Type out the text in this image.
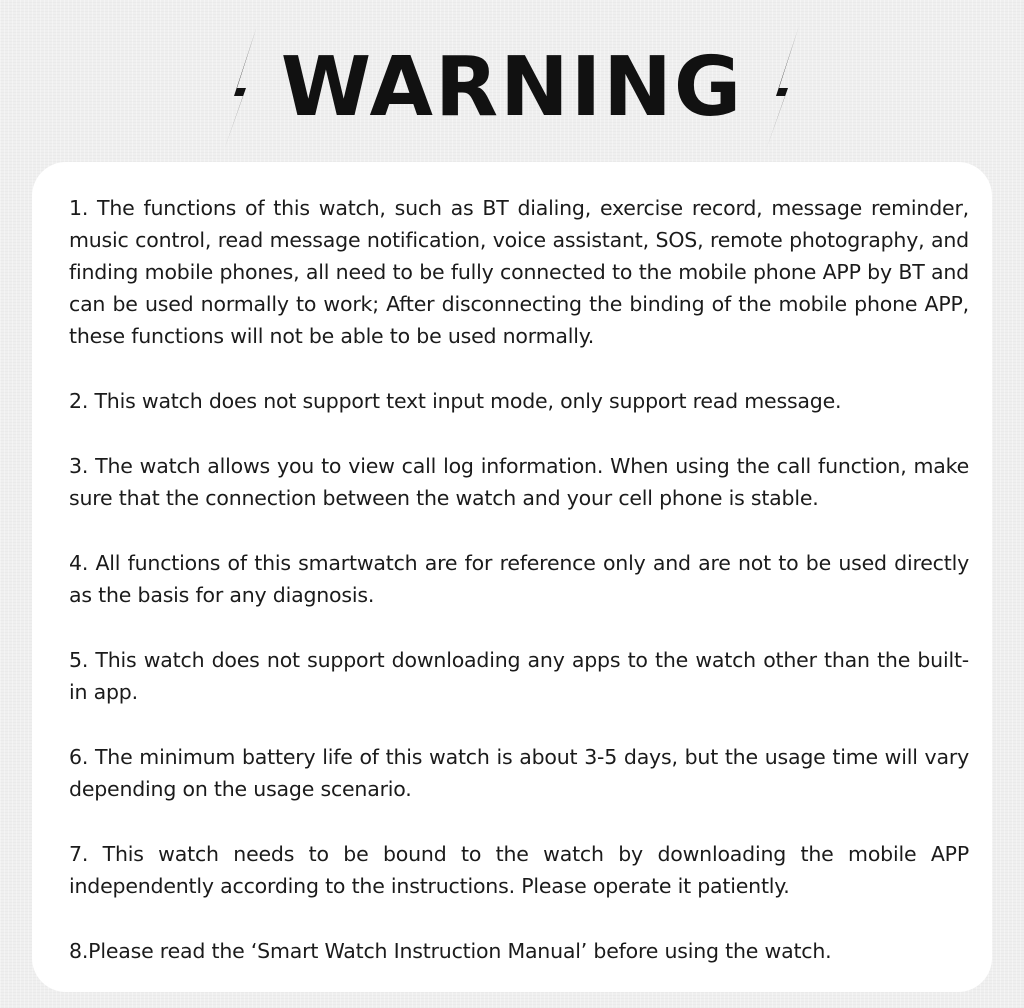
WARNING
1. The functions of this watch, such as BT dialing, exercise record, message reminder, music control, read message notification, voice assistant, SOS, remote photography, and finding mobile phones, all need to be fully connected to the mobile phone APP by BT and can be used normally to work; After disconnecting the binding of the mobile phone APP, these functions will not be able to be used normally.
2. This watch does not support text input mode, only support read message.
3. The watch allows you to view call log information. When using the call function, make sure that the connection between the watch and your cell phone is stable.
4. All functions of this smartwatch are for reference only and are not to be used directly as the basis for any diagnosis.
5. This watch does not support downloading any apps to the watch other than the built-in app.
6. The minimum battery life of this watch is about 3-5 days, but the usage time will vary depending on the usage scenario.
7. This watch needs to be bound to the watch by downloading the mobile APP independently according to the instructions. Please operate it patiently.
8.Please read the ‘Smart Watch Instruction Manual’ before using the watch.
